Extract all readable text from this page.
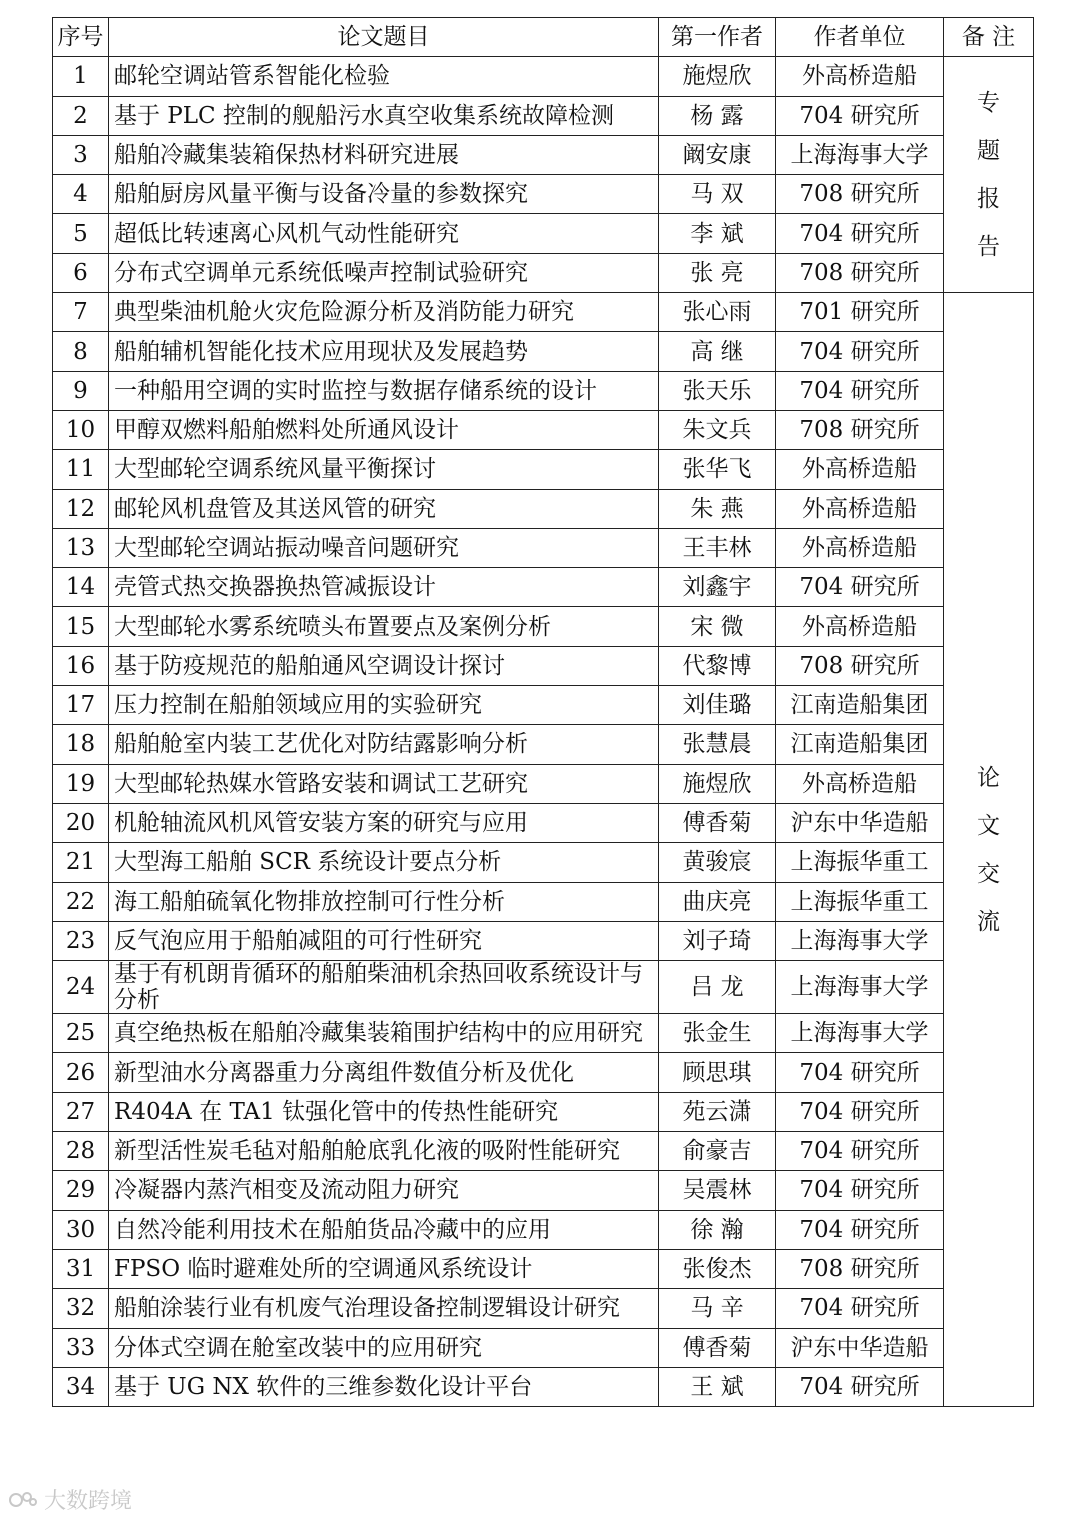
序号	论文题目	第一作者	作者单位	备 注
1	邮轮空调站管系智能化检验	施煜欣	外高桥造船	专题报告
2	基于 PLC 控制的舰船污水真空收集系统故障检测	杨 露	704 研究所	
3	船舶冷藏集装箱保热材料研究进展	阚安康	上海海事大学	
4	船舶厨房风量平衡与设备冷量的参数探究	马 双	708 研究所	
5	超低比转速离心风机气动性能研究	李 斌	704 研究所	
6	分布式空调单元系统低噪声控制试验研究	张 亮	708 研究所	
7	典型柴油机舱火灾危险源分析及消防能力研究	张心雨	701 研究所	论文交流
8	船舶辅机智能化技术应用现状及发展趋势	高 继	704 研究所	
9	一种船用空调的实时监控与数据存储系统的设计	张天乐	704 研究所	
10	甲醇双燃料船舶燃料处所通风设计	朱文兵	708 研究所	
11	大型邮轮空调系统风量平衡探讨	张华飞	外高桥造船	
12	邮轮风机盘管及其送风管的研究	朱 燕	外高桥造船	
13	大型邮轮空调站振动噪音问题研究	王丰林	外高桥造船	
14	壳管式热交换器换热管减振设计	刘鑫宇	704 研究所	
15	大型邮轮水雾系统喷头布置要点及案例分析	宋 微	外高桥造船	
16	基于防疫规范的船舶通风空调设计探讨	代黎博	708 研究所	
17	压力控制在船舶领域应用的实验研究	刘佳璐	江南造船集团	
18	船舶舱室内装工艺优化对防结露影响分析	张慧晨	江南造船集团	
19	大型邮轮热媒水管路安装和调试工艺研究	施煜欣	外高桥造船	
20	机舱轴流风机风管安装方案的研究与应用	傅香菊	沪东中华造船	
21	大型海工船舶 SCR 系统设计要点分析	黄骏宸	上海振华重工	
22	海工船舶硫氧化物排放控制可行性分析	曲庆亮	上海振华重工	
23	反气泡应用于船舶减阻的可行性研究	刘子琦	上海海事大学	
24	基于有机朗肯循环的船舶柴油机余热回收系统设计与分析	吕 龙	上海海事大学	
25	真空绝热板在船舶冷藏集装箱围护结构中的应用研究	张金生	上海海事大学	
26	新型油水分离器重力分离组件数值分析及优化	顾思琪	704 研究所	
27	R404A 在 TA1 钛强化管中的传热性能研究	苑云潇	704 研究所	
28	新型活性炭毛毡对船舶舱底乳化液的吸附性能研究	俞豪吉	704 研究所	
29	冷凝器内蒸汽相变及流动阻力研究	吴震林	704 研究所	
30	自然冷能利用技术在船舶货品冷藏中的应用	徐 瀚	704 研究所	
31	FPSO 临时避难处所的空调通风系统设计	张俊杰	708 研究所	
32	船舶涂装行业有机废气治理设备控制逻辑设计研究	马 辛	704 研究所	
33	分体式空调在舱室改装中的应用研究	傅香菊	沪东中华造船	
34	基于 UG NX 软件的三维参数化设计平台	王 斌	704 研究所	
大数跨境
